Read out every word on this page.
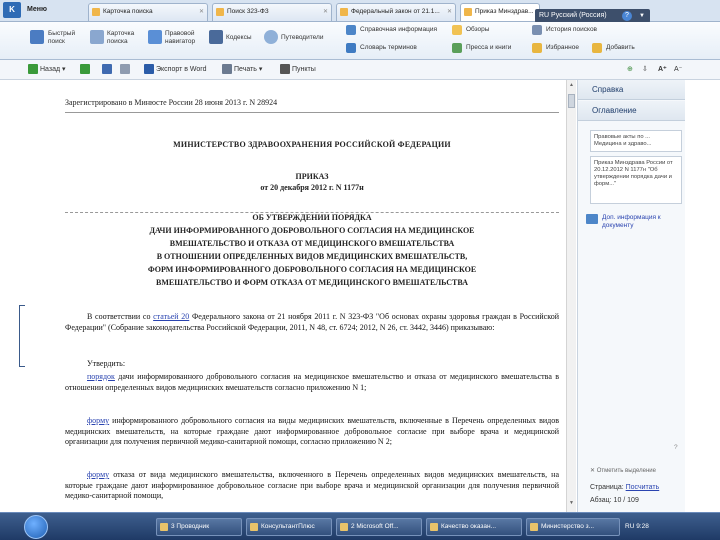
K	Меню	Карточка поиска	✕	Поиск 323-ФЗ	✕	Федеральный закон от 21.1... ✕	Приказ Минздрав...
RU Русский (Россия)	?	▼
Быстрый поиск
Карточка поиска
Правовой навигатор
Кодексы	Путеводители
Справочная информация	Обзоры
Словарь терминов	Пресса и книги
История поисков
Избранное	Добавить
Назад ▾	Экспорт в Word	Печать ▾	Пункты	⊕ ⇩ A⁺ A⁻
Зарегистрировано в Минюсте России 28 июня 2013 г. N 28924
МИНИСТЕРСТВО ЗДРАВООХРАНЕНИЯ РОССИЙСКОЙ ФЕДЕРАЦИИ
ПРИКАЗ
от 20 декабря 2012 г. N 1177н
ОБ УТВЕРЖДЕНИИ ПОРЯДКА
ДАЧИ ИНФОРМИРОВАННОГО ДОБРОВОЛЬНОГО СОГЛАСИЯ НА МЕДИЦИНСКОЕ
ВМЕШАТЕЛЬСТВО И ОТКАЗА ОТ МЕДИЦИНСКОГО ВМЕШАТЕЛЬСТВА
В ОТНОШЕНИИ ОПРЕДЕЛЕННЫХ ВИДОВ МЕДИЦИНСКИХ ВМЕШАТЕЛЬСТВ,
ФОРМ ИНФОРМИРОВАННОГО ДОБРОВОЛЬНОГО СОГЛАСИЯ НА МЕДИЦИНСКОЕ
ВМЕШАТЕЛЬСТВО И ФОРМ ОТКАЗА ОТ МЕДИЦИНСКОГО ВМЕШАТЕЛЬСТВА
В соответствии со статьей 20 Федерального закона от 21 ноября 2011 г. N 323-ФЗ "Об основах охраны здоровья граждан в Российской Федерации" (Собрание законодательства Российской Федерации, 2011, N 48, ст. 6724; 2012, N 26, ст. 3442, 3446) приказываю:
Утвердить:
порядок дачи информированного добровольного согласия на медицинское вмешательство и отказа от медицинского вмешательства в отношении определенных видов медицинских вмешательств согласно приложению N 1;
форму информированного добровольного согласия на виды медицинских вмешательств, включенные в Перечень определенных видов медицинских вмешательств, на которые граждане дают информированное добровольное согласие при выборе врача и медицинской организации для получения первичной медико-санитарной помощи, согласно приложению N 2;
форму отказа от вида медицинского вмешательства, включенного в Перечень определенных видов медицинских вмешательств, на которые граждане дают информированное добровольное согласие при выборе врача и медицинской организации для получения первичной медико-санитарной помощи,
▲
▼
Справка
Оглавление
Правовые акты по ... Медицина и здраво...
Приказ Минздрава России от 20.12.2012 N 1177н "Об утверждении порядка дачи и форм..."
Доп. информация к документу
?
✕ Отметить выделение
Страница: Посчитать
Абзац: 10 / 109
3 Проводник	КонсультантПлюс	2 Microsoft Off...	Качество оказан...	Министерство з...	RU 9:28
